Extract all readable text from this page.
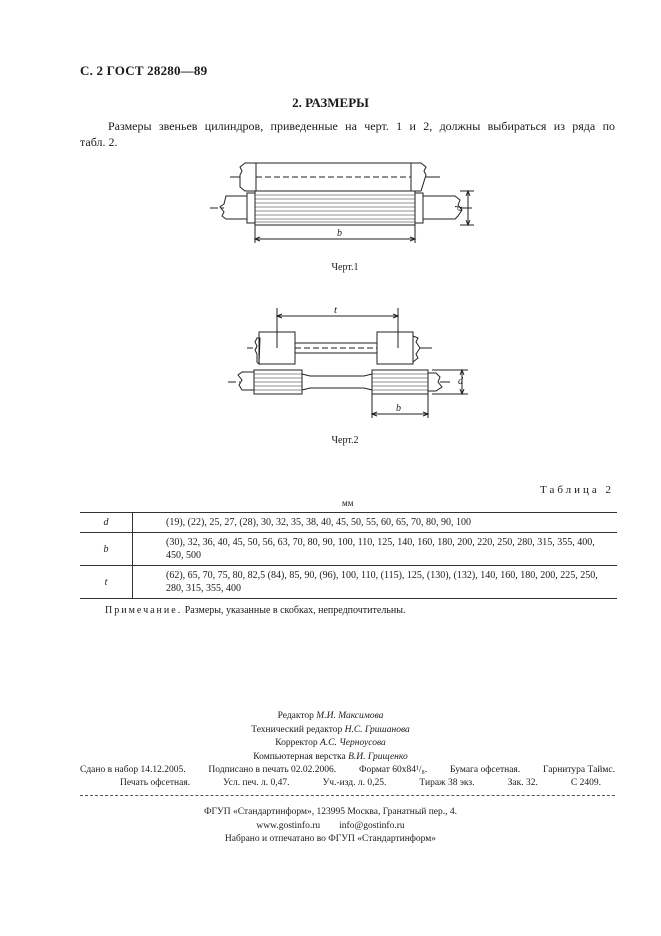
С. 2 ГОСТ 28280—89
2. РАЗМЕРЫ

Размеры звеньев цилиндров, приведенные на черт. 1 и 2, должны выбираться из ряда по

табл. 2.

b
d
Черт.1
t
b
d
Черт.2
Таблица 2
мм
d	(19), (22), 25, 27, (28), 30, 32, 35, 38, 40, 45, 50, 55, 60, 65, 70, 80, 90, 100
b	(30), 32, 36, 40, 45, 50, 56, 63, 70, 80, 90, 100, 110, 125, 140, 160, 180, 200, 220, 250, 280, 315, 355, 400, 450, 500
t	(62), 65, 70, 75, 80, 82,5 (84), 85, 90, (96), 100, 110, (115), 125, (130), (132), 140, 160, 180, 200, 225, 250, 280, 315, 355, 400
Примечание. Размеры, указанные в скобках, непредпочтительны.
Редактор М.И. Максимова
Технический редактор Н.С. Гришанова
Корректор А.С. Черноусова
Компьютерная верстка В.И. Грищенко
Сдано в набор 14.12.2005. Подписано в печать 02.02.2006. Формат 60x84¹/₈. Бумага офсетная. Гарнитура Таймс.
Печать офсетная.	Усл. печ. л. 0,47.	Уч.-изд. л. 0,25.	Тираж 38 экз.	Зак. 32.	С 2409.
ФГУП «Стандартинформ», 123995 Москва, Гранатный пер., 4.
www.gostinfo.ru info@gostinfo.ru
Набрано и отпечатано во ФГУП «Стандартинформ»
